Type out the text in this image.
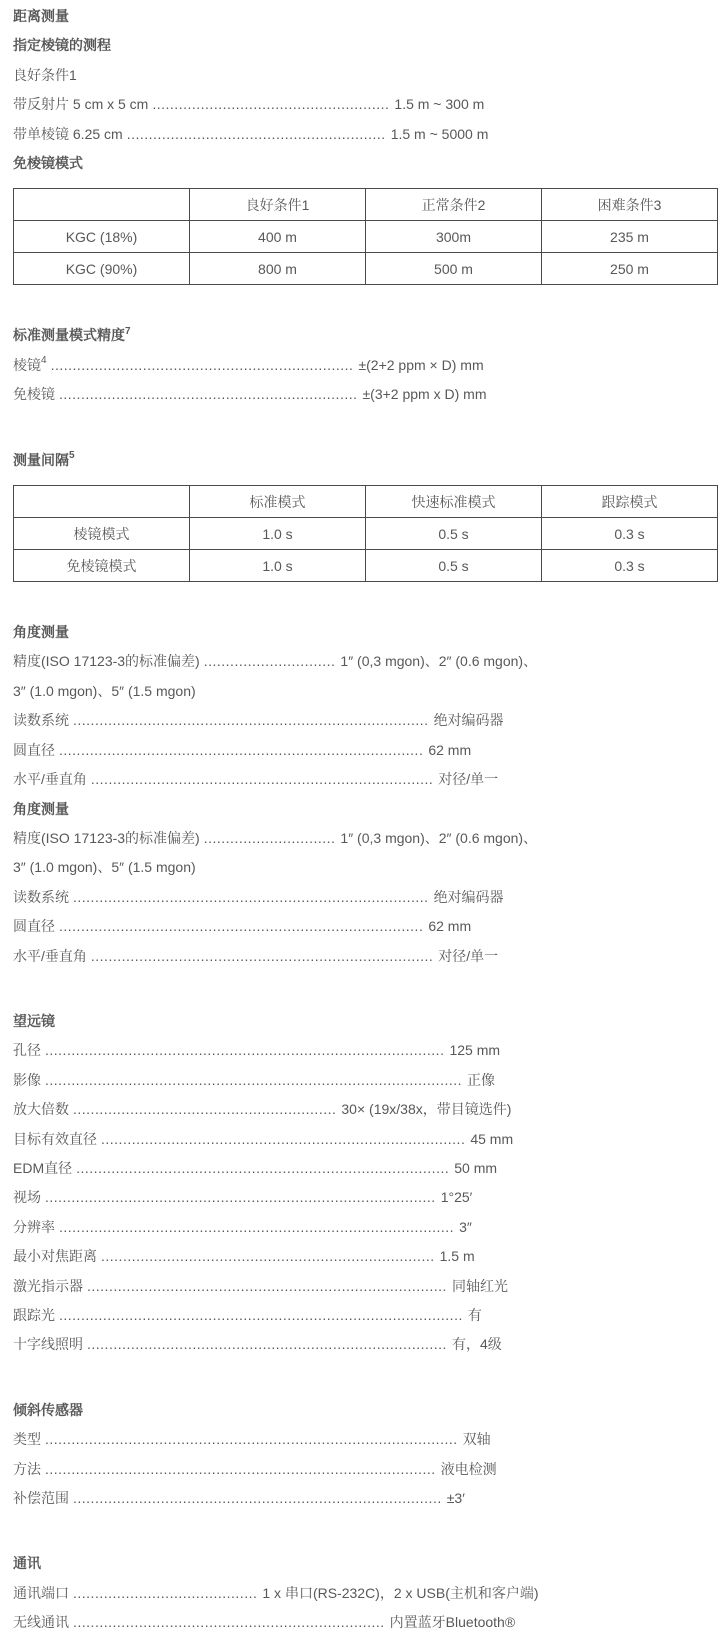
距离测量
指定棱镜的测程

良好条件1

带反射片 5 cm x 5 cm ...................................................... 1.5 m ~ 300 m

带单棱镜 6.25 cm ........................................................... 1.5 m ~ 5000 m

免棱镜模式
	良好条件1	正常条件2	困难条件3
KGC (18%)	400 m	300m	235 m
KGC (90%)	800 m	500 m	250 m
标准测量模式精度$^7$

棱镜$^4$ ..................................................................... ±(2+2 ppm × D) mm

免棱镜 .................................................................... ±(3+2 ppm x D) mm

测量间隔$^5$
	标准模式	快速标准模式	跟踪模式
棱镜模式	1.0 s	0.5 s	0.3 s
免棱镜模式	1.0 s	0.5 s	0.3 s
角度测量

精度(ISO 17123-3的标准偏差) .............................. 1″ (0,3 mgon)、2″ (0.6 mgon)、
3″ (1.0 mgon)、5″ (1.5 mgon)

读数系统 ................................................................................. 绝对编码器

圆直径 ................................................................................... 62 mm

水平/垂直角 .............................................................................. 对径/单一

角度测量

精度(ISO 17123-3的标准偏差) .............................. 1″ (0,3 mgon)、2″ (0.6 mgon)、
3″ (1.0 mgon)、5″ (1.5 mgon)

读数系统 ................................................................................. 绝对编码器

圆直径 ................................................................................... 62 mm

水平/垂直角 .............................................................................. 对径/单一

望远镜

孔径 ........................................................................................... 125 mm

影像 ............................................................................................... 正像

放大倍数 ............................................................ 30× (19x/38x，带目镜选件)

目标有效直径 ................................................................................... 45 mm

EDM直径 ..................................................................................... 50 mm

视场 ......................................................................................... 1°25′

分辨率 .......................................................................................... 3″

最小对焦距离 ............................................................................ 1.5 m

激光指示器 .................................................................................. 同轴红光

跟踪光 ............................................................................................ 有

十字线照明 .................................................................................. 有，4级

倾斜传感器

类型 .............................................................................................. 双轴

方法 ......................................................................................... 液电检测

补偿范围 .................................................................................... ±3′

通讯

通讯端口 .......................................... 1 x 串口(RS-232C)，2 x USB(主机和客户端)

无线通讯 ....................................................................... 内置蓝牙Bluetooth®
